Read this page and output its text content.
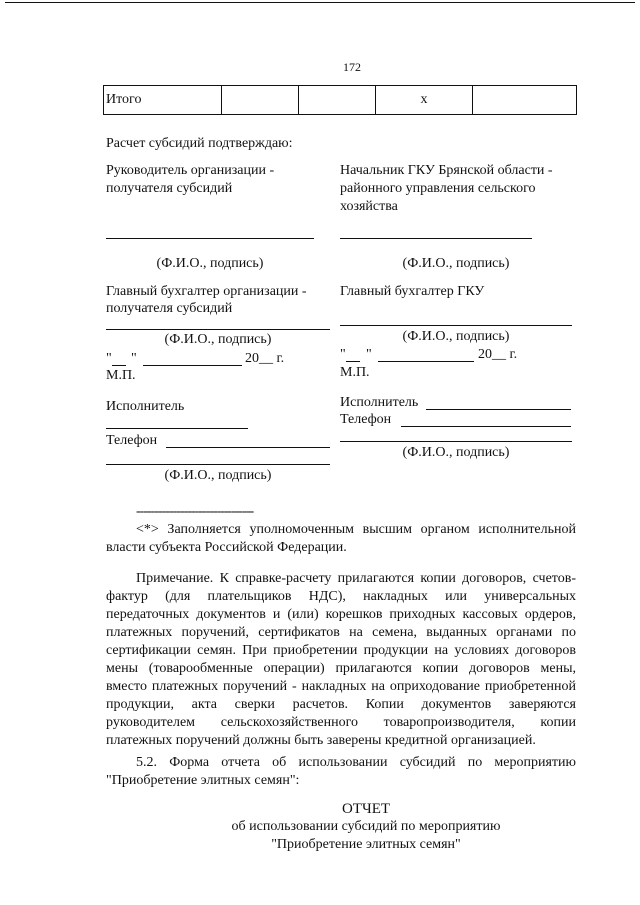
172
Итого			x	
Расчет субсидий подтверждаю:
Руководитель организации -
получателя субсидий
(Ф.И.О., подпись)
Главный бухгалтер организации -
получателя субсидий
(Ф.И.О., подпись)
" "	20__ г.
М.П.
Исполнитель
Телефон
(Ф.И.О., подпись)
Начальник ГКУ Брянской области -
районного управления сельского
хозяйства
(Ф.И.О., подпись)
Главный бухгалтер ГКУ
(Ф.И.О., подпись)
" "	20__ г.
М.П.
Исполнитель
Телефон
(Ф.И.О., подпись)
--------------------------------
<*> Заполняется уполномоченным высшим органом исполнительной власти субъекта Российской Федерации.
Примечание. К справке-расчету прилагаются копии договоров, счетов-фактур (для плательщиков НДС), накладных или универсальных передаточных документов и (или) корешков приходных кассовых ордеров, платежных поручений, сертификатов на семена, выданных органами по сертификации семян. При приобретении продукции на условиях договоров мены (товарообменные операции) прилагаются копии договоров мены, вместо платежных поручений - накладных на оприходование приобретенной продукции, акта сверки расчетов. Копии документов заверяются руководителем сельскохозяйственного товаропроизводителя, копии платежных поручений должны быть заверены кредитной организацией.
5.2. Форма отчета об использовании субсидий по мероприятию "Приобретение элитных семян":
ОТЧЕТ
об использовании субсидий по мероприятию
"Приобретение элитных семян"
